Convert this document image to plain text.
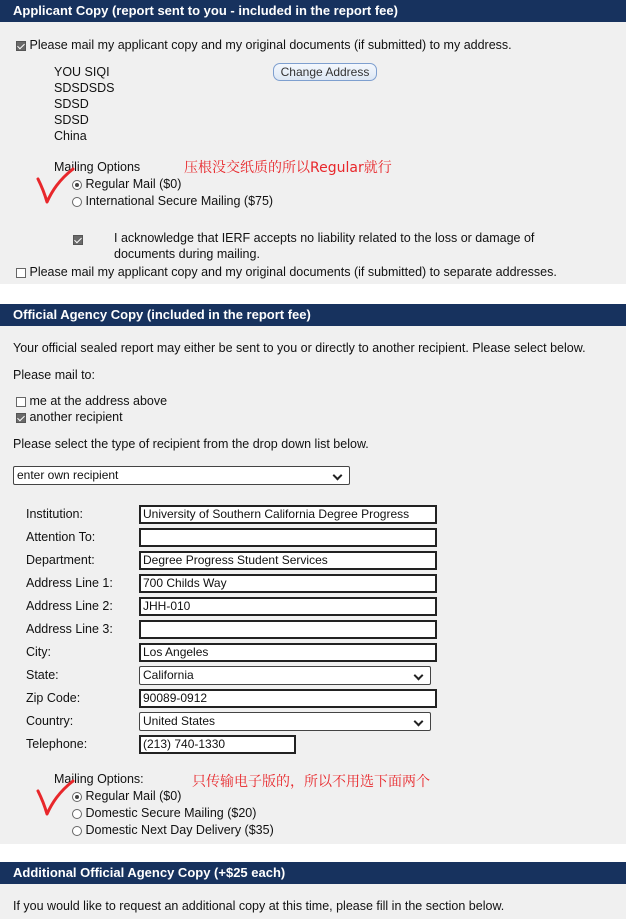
Applicant Copy (report sent to you - included in the report fee)
Please mail my applicant copy and my original documents (if submitted) to my address.
YOU SIQI
SDSDSDS
SDSD
SDSD
China
Change Address
Mailing Options	压根没交纸质的所以Regular就行
Regular Mail ($0)
International Secure Mailing ($75)
I acknowledge that IERF accepts no liability related to the loss or damage of
documents during mailing.
Please mail my applicant copy and my original documents (if submitted) to separate addresses.
Official Agency Copy (included in the report fee)
Your official sealed report may either be sent to you or directly to another recipient. Please select below.
Please mail to:
me at the address above
another recipient
Please select the type of recipient from the drop down list below.
enter own recipient
Institution:	University of Southern California Degree Progress
Attention To:
Department:	Degree Progress Student Services
Address Line 1:	700 Childs Way
Address Line 2:	JHH-010
Address Line 3:
City:	Los Angeles
State:	California
Zip Code:	90089-0912
Country:	United States
Telephone:	(213) 740-1330
Mailing Options:	只传输电子版的，所以不用选下面两个
Regular Mail ($0)
Domestic Secure Mailing ($20)
Domestic Next Day Delivery ($35)
Additional Official Agency Copy (+$25 each)
If you would like to request an additional copy at this time, please fill in the section below.
